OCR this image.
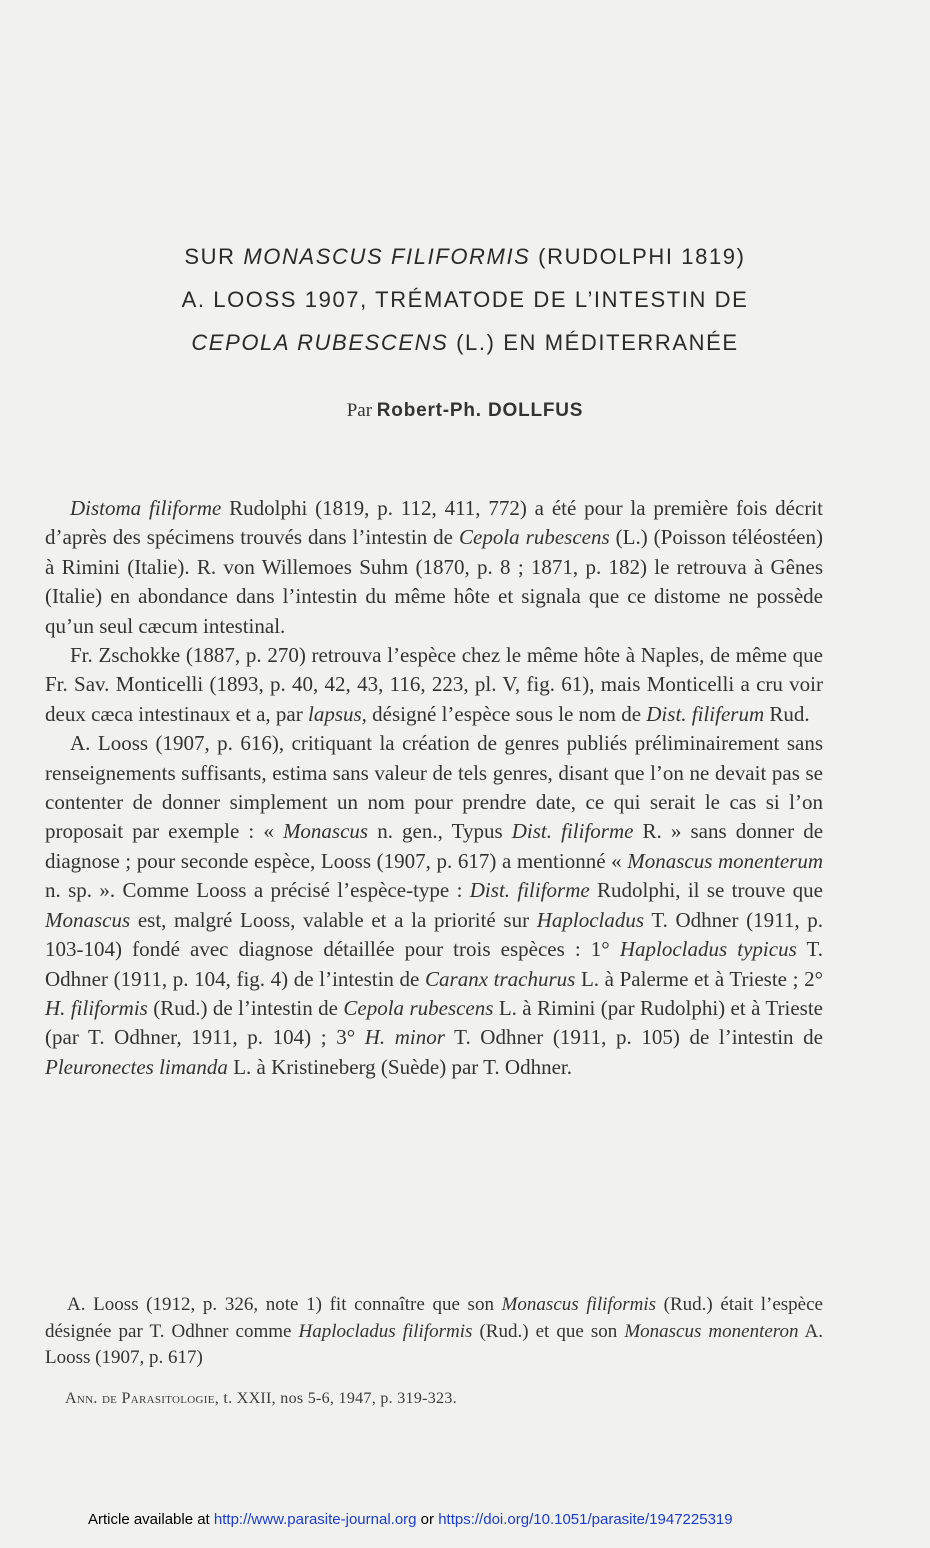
SUR MONASCUS FILIFORMIS (RUDOLPHI 1819)
A. LOOSS 1907, TRÉMATODE DE L’INTESTIN DE
CEPOLA RUBESCENS (L.) EN MÉDITERRANÉE
Par Robert-Ph. DOLLFUS

Distoma filiforme Rudolphi (1819, p. 112, 411, 772) a été pour la première fois décrit d’après des spécimens trouvés dans l’intestin de Cepola rubescens (L.) (Poisson téléostéen) à Rimini (Italie). R. von Willemoes Suhm (1870, p. 8 ; 1871, p. 182) le retrouva à Gênes (Italie) en abondance dans l’intestin du même hôte et signala que ce distome ne possède qu’un seul cæcum intestinal.

Fr. Zschokke (1887, p. 270) retrouva l’espèce chez le même hôte à Naples, de même que Fr. Sav. Monticelli (1893, p. 40, 42, 43, 116, 223, pl. V, fig. 61), mais Monticelli a cru voir deux cæca intestinaux et a, par lapsus, désigné l’espèce sous le nom de Dist. filiferum Rud.

A. Looss (1907, p. 616), critiquant la création de genres publiés préliminairement sans renseignements suffisants, estima sans valeur de tels genres, disant que l’on ne devait pas se contenter de donner simplement un nom pour prendre date, ce qui serait le cas si l’on proposait par exemple : « Monascus n. gen., Typus Dist. filiforme R. » sans donner de diagnose ; pour seconde espèce, Looss (1907, p. 617) a mentionné « Monascus monenterum n. sp. ». Comme Looss a précisé l’espèce-type : Dist. filiforme Rudolphi, il se trouve que Monascus est, malgré Looss, valable et a la priorité sur Haplocladus T. Odhner (1911, p. 103-104) fondé avec diagnose détaillée pour trois espèces : 1° Haplocladus typicus T. Odhner (1911, p. 104, fig. 4) de l’intestin de Caranx trachurus L. à Palerme et à Trieste ; 2° H. filiformis (Rud.) de l’intestin de Cepola rubescens L. à Rimini (par Rudolphi) et à Trieste (par T. Odhner, 1911, p. 104) ; 3° H. minor T. Odhner (1911, p. 105) de l’intestin de Pleuronectes limanda L. à Kristineberg (Suède) par T. Odhner.

A. Looss (1912, p. 326, note 1) fit connaître que son Monascus filiformis (Rud.) était l’espèce désignée par T. Odhner comme Haplocladus filiformis (Rud.) et que son Monascus monenteron A. Looss (1907, p. 617)

Ann. de Parasitologie, t. XXII, nos 5-6, 1947, p. 319-323.
Article available at http://www.parasite-journal.org or https://doi.org/10.1051/parasite/1947225319
